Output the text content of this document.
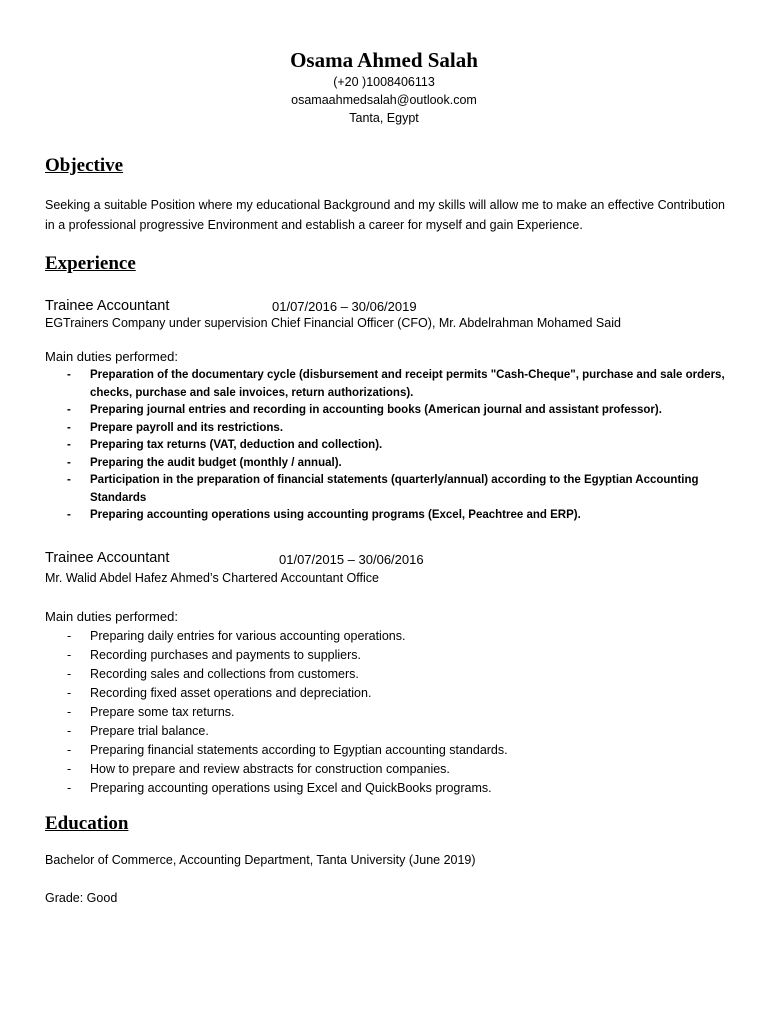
Osama Ahmed Salah
(+20 )1008406113
osamaahmedsalah@outlook.com
Tanta, Egypt
Objective
Seeking a suitable Position where my educational Background and my skills will allow me to make an effective Contribution in a professional progressive Environment and establish a career for myself and gain Experience.
Experience
Trainee Accountant	01/07/2016 – 30/06/2019
EGTrainers Company under supervision Chief Financial Officer (CFO), Mr. Abdelrahman Mohamed Said
Main duties performed:
- Preparation of the documentary cycle (disbursement and receipt permits "Cash-Cheque", purchase and sale orders, checks, purchase and sale invoices, return authorizations).
- Preparing journal entries and recording in accounting books (American journal and assistant professor).
- Prepare payroll and its restrictions.
- Preparing tax returns (VAT, deduction and collection).
- Preparing the audit budget (monthly / annual).
- Participation in the preparation of financial statements (quarterly/annual) according to the Egyptian Accounting Standards
- Preparing accounting operations using accounting programs (Excel, Peachtree and ERP).
Trainee Accountant	01/07/2015 – 30/06/2016
Mr. Walid Abdel Hafez Ahmed’s Chartered Accountant Office
Main duties performed:
- Preparing daily entries for various accounting operations.
- Recording purchases and payments to suppliers.
- Recording sales and collections from customers.
- Recording fixed asset operations and depreciation.
- Prepare some tax returns.
- Prepare trial balance.
- Preparing financial statements according to Egyptian accounting standards.
- How to prepare and review abstracts for construction companies.
- Preparing accounting operations using Excel and QuickBooks programs.
Education
Bachelor of Commerce, Accounting Department, Tanta University (June 2019)
Grade: Good
